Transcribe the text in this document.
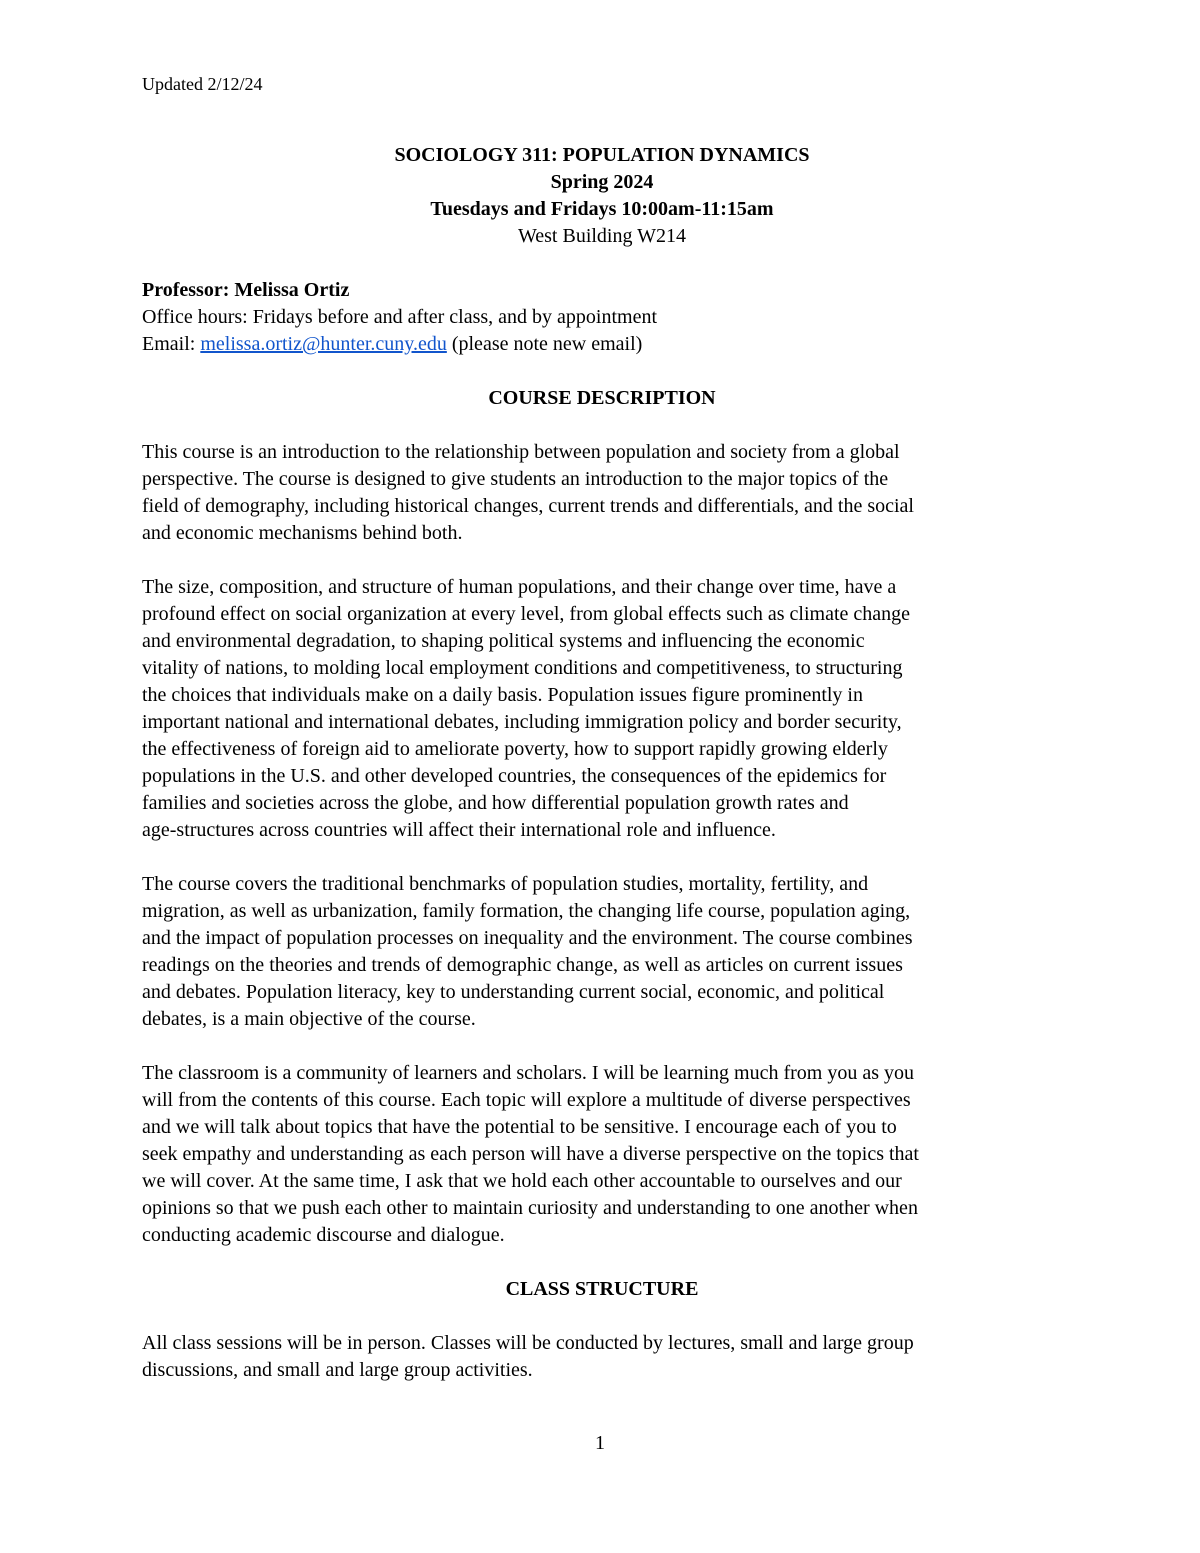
Updated 2/12/24

SOCIOLOGY 311: POPULATION DYNAMICS

Spring 2024

Tuesdays and Fridays 10:00am-11:15am

West Building W214

Professor: Melissa Ortiz

Office hours: Fridays before and after class, and by appointment

Email: melissa.ortiz@hunter.cuny.edu (please note new email)

COURSE DESCRIPTION

This course is an introduction to the relationship between population and society from a global
perspective. The course is designed to give students an introduction to the major topics of the
field of demography, including historical changes, current trends and differentials, and the social
and economic mechanisms behind both.

The size, composition, and structure of human populations, and their change over time, have a
profound effect on social organization at every level, from global effects such as climate change
and environmental degradation, to shaping political systems and influencing the economic
vitality of nations, to molding local employment conditions and competitiveness, to structuring
the choices that individuals make on a daily basis. Population issues figure prominently in
important national and international debates, including immigration policy and border security,
the effectiveness of foreign aid to ameliorate poverty, how to support rapidly growing elderly
populations in the U.S. and other developed countries, the consequences of the epidemics for
families and societies across the globe, and how differential population growth rates and
age-structures across countries will affect their international role and influence.

The course covers the traditional benchmarks of population studies, mortality, fertility, and
migration, as well as urbanization, family formation, the changing life course, population aging,
and the impact of population processes on inequality and the environment. The course combines
readings on the theories and trends of demographic change, as well as articles on current issues
and debates. Population literacy, key to understanding current social, economic, and political
debates, is a main objective of the course.

The classroom is a community of learners and scholars. I will be learning much from you as you
will from the contents of this course. Each topic will explore a multitude of diverse perspectives
and we will talk about topics that have the potential to be sensitive. I encourage each of you to
seek empathy and understanding as each person will have a diverse perspective on the topics that
we will cover. At the same time, I ask that we hold each other accountable to ourselves and our
opinions so that we push each other to maintain curiosity and understanding to one another when
conducting academic discourse and dialogue.

CLASS STRUCTURE

All class sessions will be in person. Classes will be conducted by lectures, small and large group
discussions, and small and large group activities.

1
